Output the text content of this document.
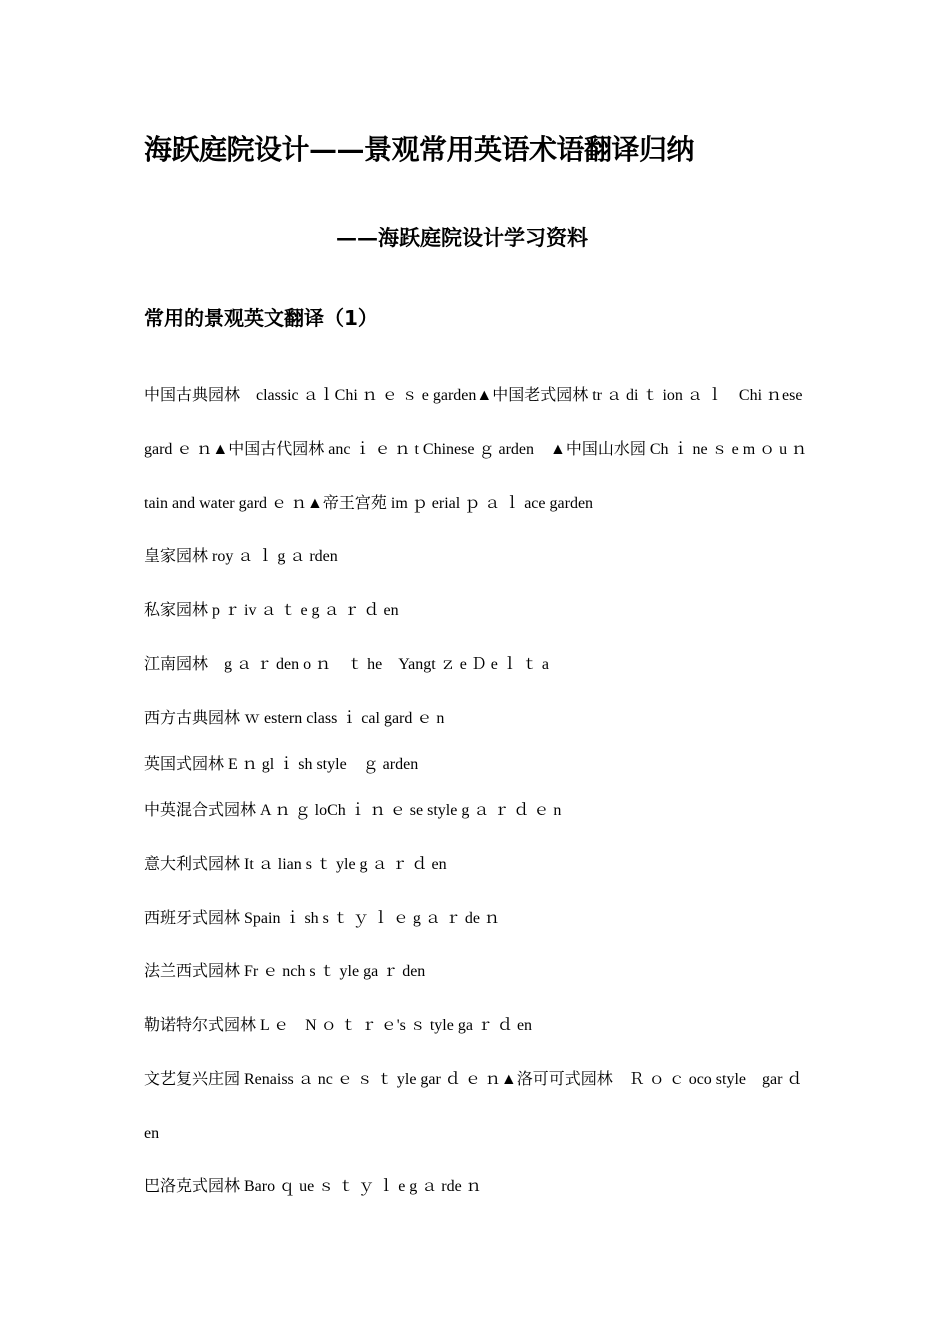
海跃庭院设计——景观常用英语术语翻译归纳
——海跃庭院设计学习资料
常用的景观英文翻译（1）
中国古典园林　classic ａｌChi ｎ ｅ ｓ e garden▲中国老式园林 tr ａ di ｔ ion ａ ｌ　Chi ｎese
gard ｅ ｎ▲中国古代园林 anc ｉ ｅ ｎ t Chinese ｇ arden　▲中国山水园 Ch ｉ ne ｓ e m ｏ u ｎ
tain and water gard ｅ ｎ▲帝王宫苑 im ｐ erial ｐ ａ ｌ ace garden
皇家园林 roy ａ ｌ g ａ rden
私家园林 p ｒ iv ａ ｔ e g ａ ｒ ｄ en
江南园林　g ａ ｒ den o ｎ　ｔ he　Yangt ｚ e Ｄ e ｌ ｔ a
西方古典园林 ｗ estern class ｉ cal gard ｅ n
英国式园林 E ｎ gl ｉ sh style　ｇ arden
中英混合式园林 A ｎ ｇ loCh ｉ ｎ ｅ se style g ａ ｒ ｄ ｅ n
意大利式园林 It ａ lian s ｔ yle g ａ ｒ ｄ en
西班牙式园林 Spain ｉ sh s ｔ ｙ ｌ ｅ g ａ ｒ de ｎ
法兰西式园林 Fr ｅ nch s ｔ yle ga ｒ den
勒诺特尔式园林 L ｅ　N ｏ ｔ ｒ ｅ's ｓ tyle ga ｒ ｄ en
文艺复兴庄园 Renaiss ａ nc ｅ ｓ ｔ yle gar ｄ ｅ ｎ▲洛可可式园林　Ｒ ｏ ｃ oco style　gar ｄ
en
巴洛克式园林 Baro ｑ ue ｓ ｔ ｙ ｌ e g ａ rde ｎ
